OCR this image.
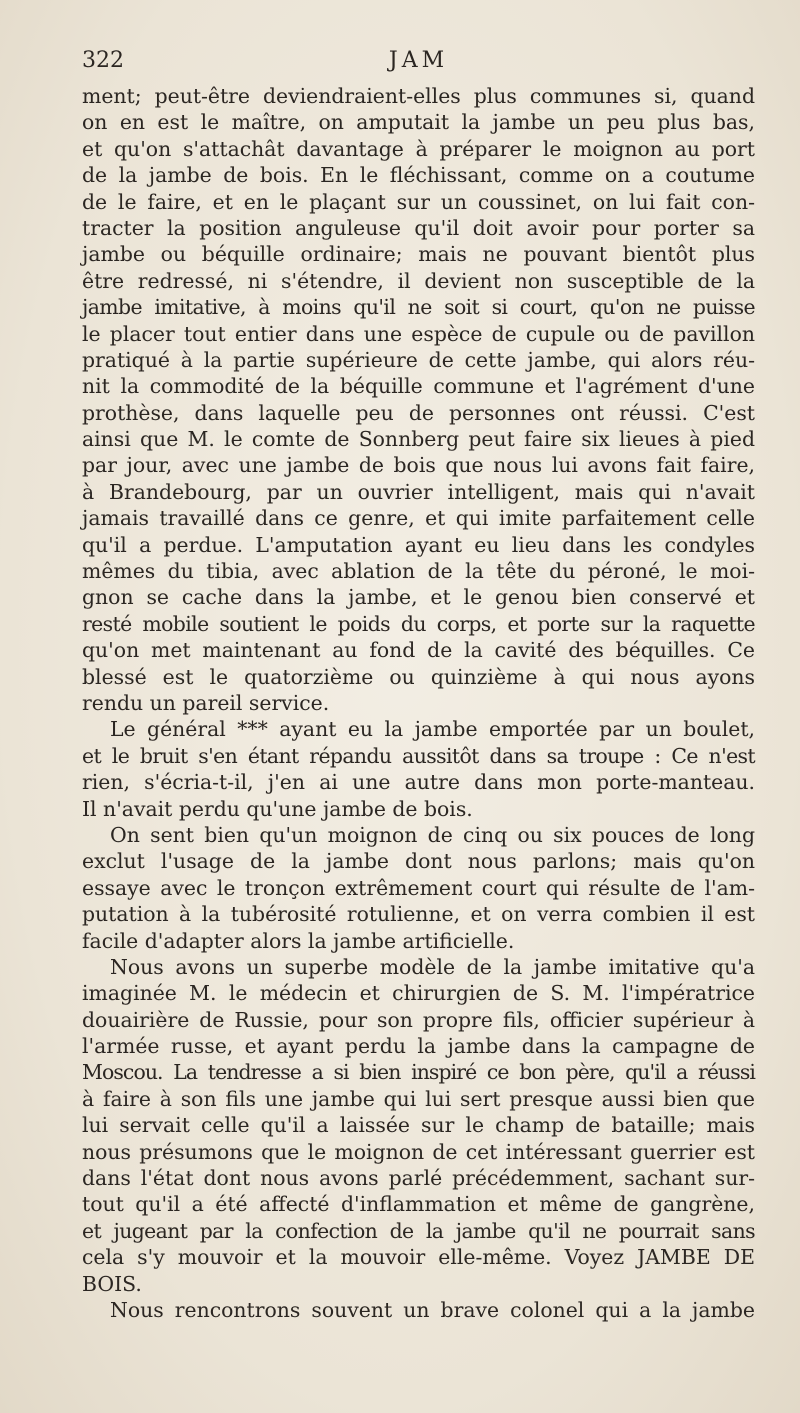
322	JAM
ment; peut-être deviendraient-elles plus communes si, quand
on en est le maître, on amputait la jambe un peu plus bas,
et qu'on s'attachât davantage à préparer le moignon au port
de la jambe de bois. En le fléchissant, comme on a coutume
de le faire, et en le plaçant sur un coussinet, on lui fait con-
tracter la position anguleuse qu'il doit avoir pour porter sa
jambe ou béquille ordinaire; mais ne pouvant bientôt plus
être redressé, ni s'étendre, il devient non susceptible de la
jambe imitative, à moins qu'il ne soit si court, qu'on ne puisse
le placer tout entier dans une espèce de cupule ou de pavillon
pratiqué à la partie supérieure de cette jambe, qui alors réu-
nit la commodité de la béquille commune et l'agrément d'une
prothèse, dans laquelle peu de personnes ont réussi. C'est
ainsi que M. le comte de Sonnberg peut faire six lieues à pied
par jour, avec une jambe de bois que nous lui avons fait faire,
à Brandebourg, par un ouvrier intelligent, mais qui n'avait
jamais travaillé dans ce genre, et qui imite parfaitement celle
qu'il a perdue. L'amputation ayant eu lieu dans les condyles
mêmes du tibia, avec ablation de la tête du péroné, le moi-
gnon se cache dans la jambe, et le genou bien conservé et
resté mobile soutient le poids du corps, et porte sur la raquette
qu'on met maintenant au fond de la cavité des béquilles. Ce
blessé est le quatorzième ou quinzième à qui nous ayons
rendu un pareil service.
Le général *** ayant eu la jambe emportée par un boulet,
et le bruit s'en étant répandu aussitôt dans sa troupe : Ce n'est
rien, s'écria-t-il, j'en ai une autre dans mon porte-manteau.
Il n'avait perdu qu'une jambe de bois.
On sent bien qu'un moignon de cinq ou six pouces de long
exclut l'usage de la jambe dont nous parlons; mais qu'on
essaye avec le tronçon extrêmement court qui résulte de l'am-
putation à la tubérosité rotulienne, et on verra combien il est
facile d'adapter alors la jambe artificielle.
Nous avons un superbe modèle de la jambe imitative qu'a
imaginée M. le médecin et chirurgien de S. M. l'impératrice
douairière de Russie, pour son propre fils, officier supérieur à
l'armée russe, et ayant perdu la jambe dans la campagne de
Moscou. La tendresse a si bien inspiré ce bon père, qu'il a réussi
à faire à son fils une jambe qui lui sert presque aussi bien que
lui servait celle qu'il a laissée sur le champ de bataille; mais
nous présumons que le moignon de cet intéressant guerrier est
dans l'état dont nous avons parlé précédemment, sachant sur-
tout qu'il a été affecté d'inflammation et même de gangrène,
et jugeant par la confection de la jambe qu'il ne pourrait sans
cela s'y mouvoir et la mouvoir elle-même. Voyez JAMBE DE
BOIS.
Nous rencontrons souvent un brave colonel qui a la jambe
